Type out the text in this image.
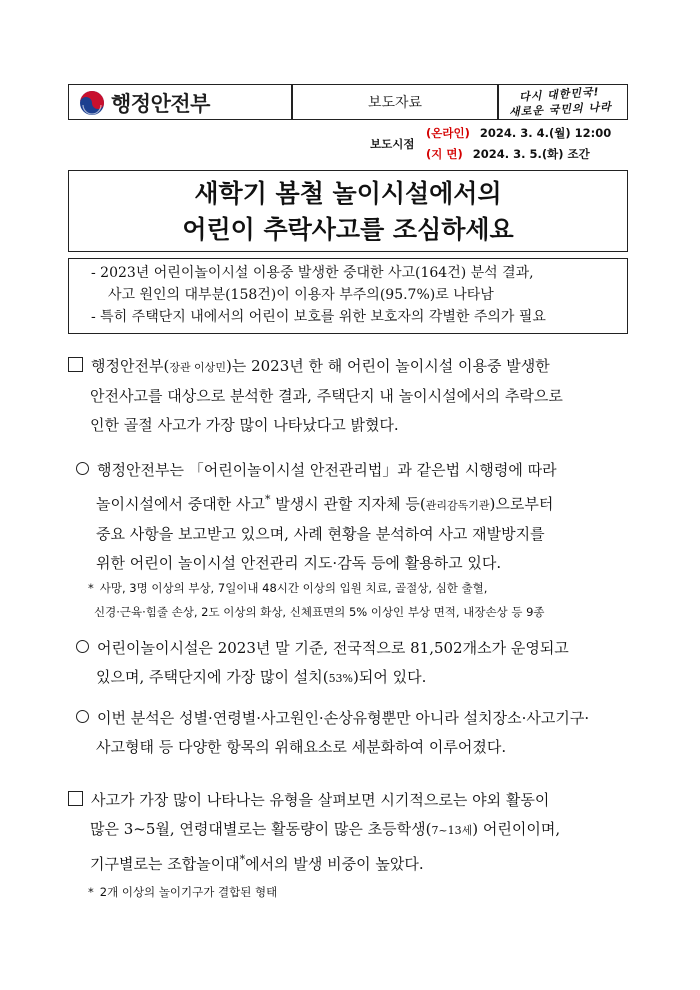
행정안전부	보도자료	다시 대한민국!
새로운 국민의 나라
보도시점
(온라인) 2024. 3. 4.(월) 12:00
(지 면) 2024. 3. 5.(화) 조간
새학기 봄철 놀이시설에서의
어린이 추락사고를 조심하세요
- 2023년 어린이놀이시설 이용중 발생한 중대한 사고(164건) 분석 결과,
사고 원인의 대부분(158건)이 이용자 부주의(95.7%)로 나타남
- 특히 주택단지 내에서의 어린이 보호를 위한 보호자의 각별한 주의가 필요
행정안전부(장관 이상민)는 2023년 한 해 어린이 놀이시설 이용중 발생한
안전사고를 대상으로 분석한 결과, 주택단지 내 놀이시설에서의 추락으로
인한 골절 사고가 가장 많이 나타났다고 밝혔다.
행정안전부는 「어린이놀이시설 안전관리법」과 같은법 시행령에 따라
놀이시설에서 중대한 사고* 발생시 관할 지자체 등(관리감독기관)으로부터
중요 사항을 보고받고 있으며, 사례 현황을 분석하여 사고 재발방지를
위한 어린이 놀이시설 안전관리 지도·감독 등에 활용하고 있다.
* 사망, 3명 이상의 부상, 7일이내 48시간 이상의 입원 치료, 골절상, 심한 출혈,
신경·근육·힘줄 손상, 2도 이상의 화상, 신체표면의 5% 이상인 부상 면적, 내장손상 등 9종
어린이놀이시설은 2023년 말 기준, 전국적으로 81,502개소가 운영되고
있으며, 주택단지에 가장 많이 설치(53%)되어 있다.
이번 분석은 성별·연령별·사고원인·손상유형뿐만 아니라 설치장소·사고기구·
사고형태 등 다양한 항목의 위해요소로 세분화하여 이루어졌다.
사고가 가장 많이 나타나는 유형을 살펴보면 시기적으로는 야외 활동이
많은 3~5월, 연령대별로는 활동량이 많은 초등학생(7~13세) 어린이이며,
기구별로는 조합놀이대*에서의 발생 비중이 높았다.
* 2개 이상의 놀이기구가 결합된 형태
